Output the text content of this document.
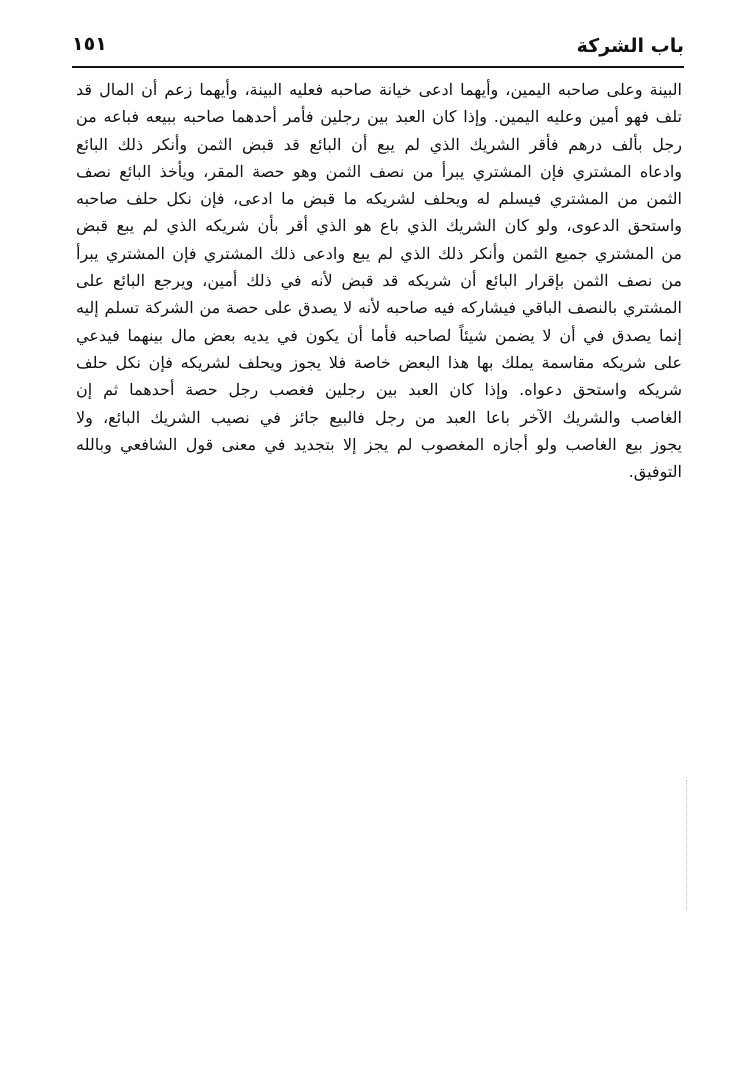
باب الشركة
١٥١
البينة وعلى صاحبه اليمين، وأيهما ادعى خيانة صاحبه فعليه البينة، وأيهما زعم أن المال قد
تلف فهو أمين وعليه اليمين. وإذا كان العبد بين رجلين فأمر أحدهما صاحبه ببيعه فباعه من
رجل بألف درهم فأقر الشريك الذي لم يبع أن البائع قد قبض الثمن وأنكر ذلك البائع
وادعاه المشتري فإن المشتري يبرأ من نصف الثمن وهو حصة المقر، ويأخذ البائع نصف
الثمن من المشتري فيسلم له ويحلف لشريكه ما قبض ما ادعى، فإن نكل حلف صاحبه
واستحق الدعوى، ولو كان الشريك الذي باع هو الذي أقر بأن شريكه الذي لم يبع قبض
من المشتري جميع الثمن وأنكر ذلك الذي لم يبع وادعى ذلك المشتري فإن المشتري يبرأ
من نصف الثمن بإقرار البائع أن شريكه قد قبض لأنه في ذلك أمين، ويرجع البائع على
المشتري بالنصف الباقي فيشاركه فيه صاحبه لأنه لا يصدق على حصة من الشركة تسلم إليه
إنما يصدق في أن لا يضمن شيئاً لصاحبه فأما أن يكون في يديه بعض مال بينهما فيدعي
على شريكه مقاسمة يملك بها هذا البعض خاصة فلا يجوز ويحلف لشريكه فإن نكل حلف
شريكه واستحق دعواه. وإذا كان العبد بين رجلين فغصب رجل حصة أحدهما ثم إن
الغاصب والشريك الآخر باعا العبد من رجل فالبيع جائز في نصيب الشريك البائع، ولا
يجوز بيع الغاصب ولو أجازه المغصوب لم يجز إلا بتجديد في معنى قول الشافعي وبالله
التوفيق.
